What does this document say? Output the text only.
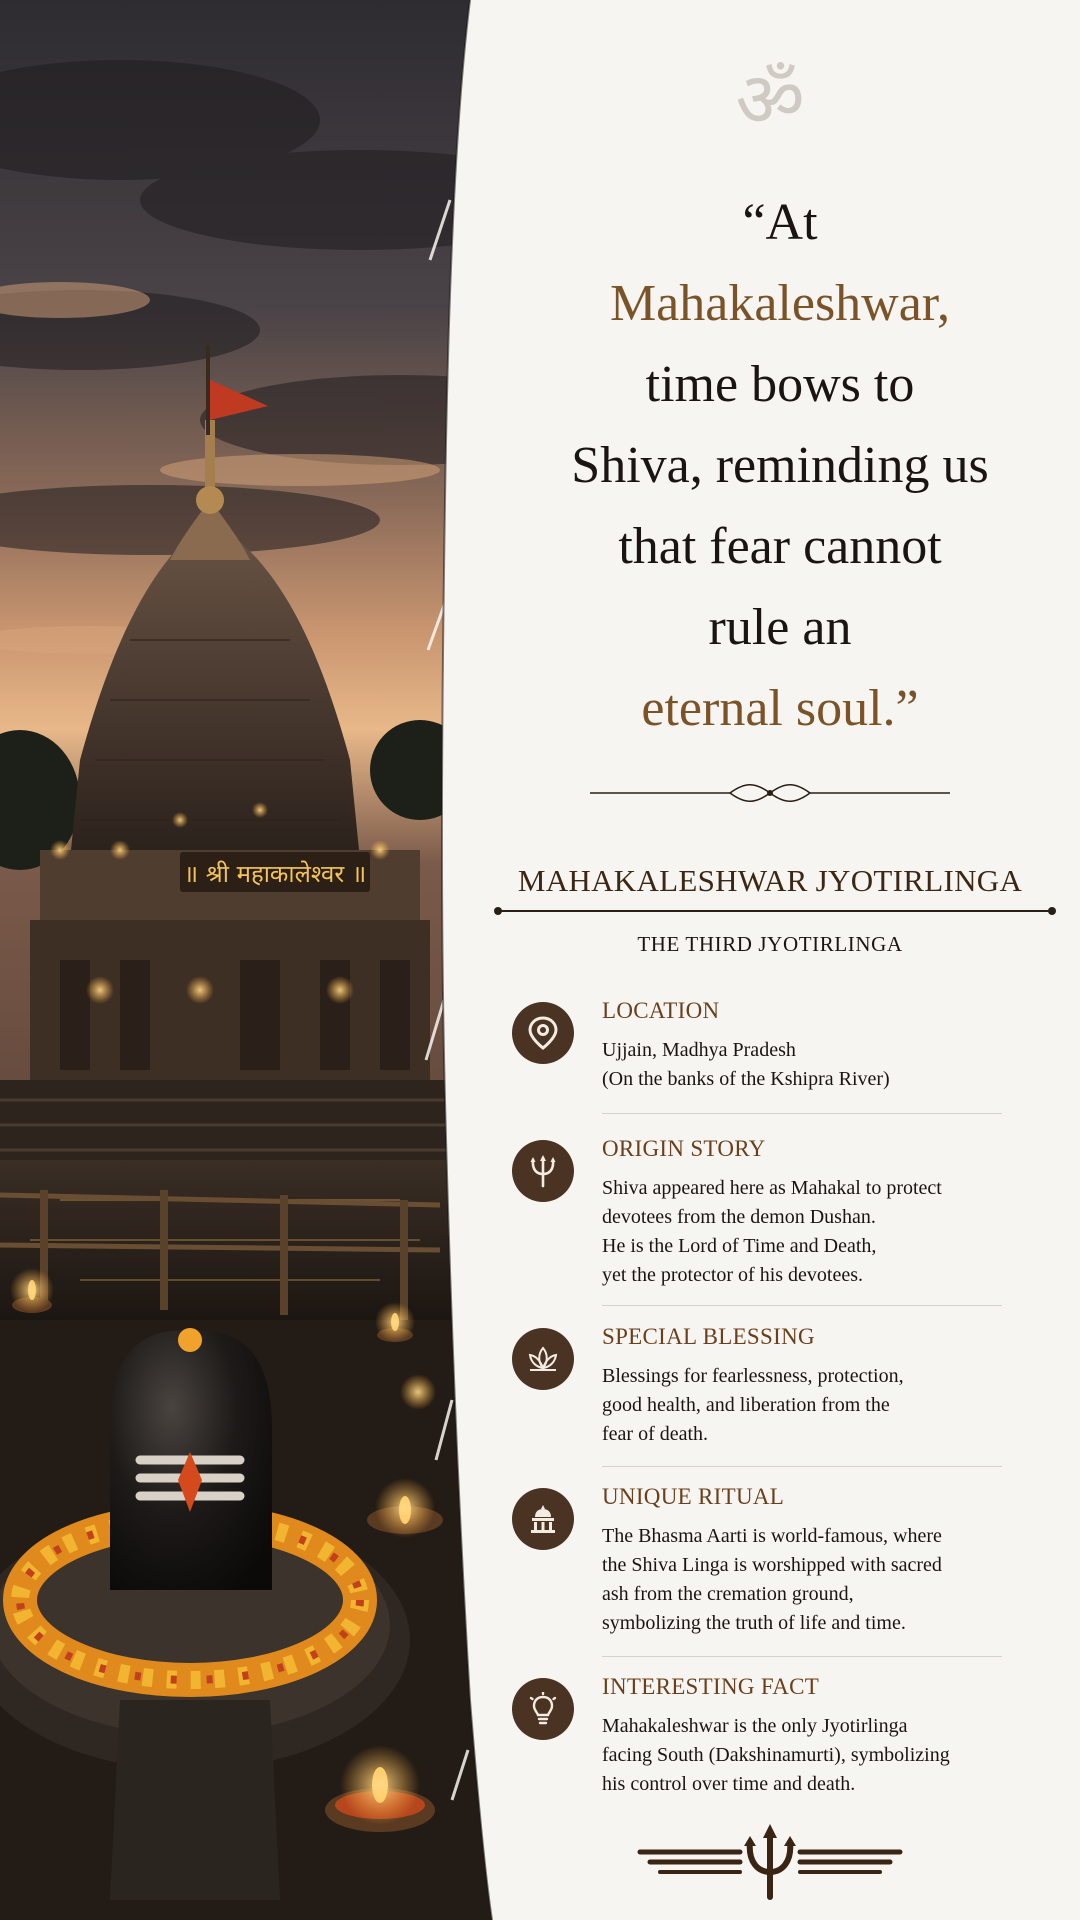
॥ श्री महाकालेश्वर ॥
ॐ
“At
Mahakaleshwar,
time bows to
Shiva, reminding us
that fear cannot
rule an
eternal soul.”
MAHAKALESHWAR JYOTIRLINGA
THE THIRD JYOTIRLINGA
LOCATION
Ujjain, Madhya Pradesh
(On the banks of the Kshipra River)
ORIGIN STORY
Shiva appeared here as Mahakal to protect
devotees from the demon Dushan.
He is the Lord of Time and Death,
yet the protector of his devotees.
SPECIAL BLESSING
Blessings for fearlessness, protection,
good health, and liberation from the
fear of death.
UNIQUE RITUAL
The Bhasma Aarti is world-famous, where
the Shiva Linga is worshipped with sacred
ash from the cremation ground,
symbolizing the truth of life and time.
INTERESTING FACT
Mahakaleshwar is the only Jyotirlinga
facing South (Dakshinamurti), symbolizing
his control over time and death.
